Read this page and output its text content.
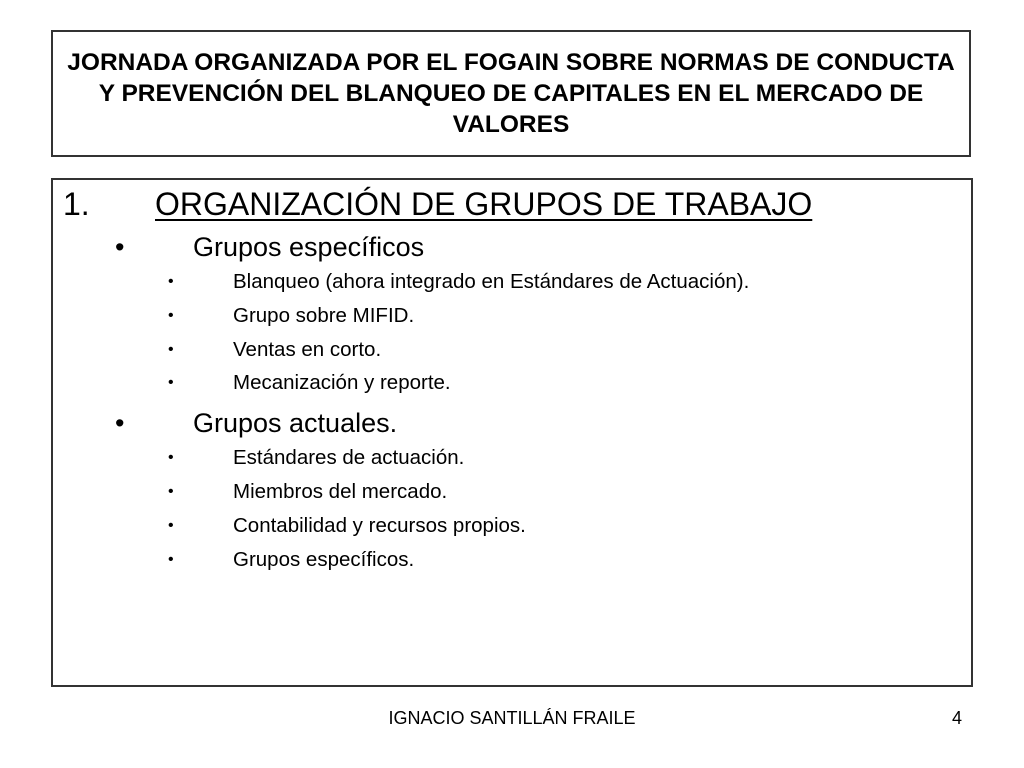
JORNADA ORGANIZADA POR EL FOGAIN SOBRE NORMAS DE CONDUCTA Y PREVENCIÓN DEL BLANQUEO DE CAPITALES EN EL MERCADO DE VALORES
1. ORGANIZACIÓN DE GRUPOS DE TRABAJO
•	Grupos específicos
•	Blanqueo (ahora integrado en Estándares de Actuación).
•	Grupo sobre MIFID.
•	Ventas en corto.
•	Mecanización y reporte.
•	Grupos actuales.
•	Estándares de actuación.
•	Miembros del mercado.
•	Contabilidad y recursos propios.
•	Grupos específicos.
IGNACIO SANTILLÁN FRAILE	4
